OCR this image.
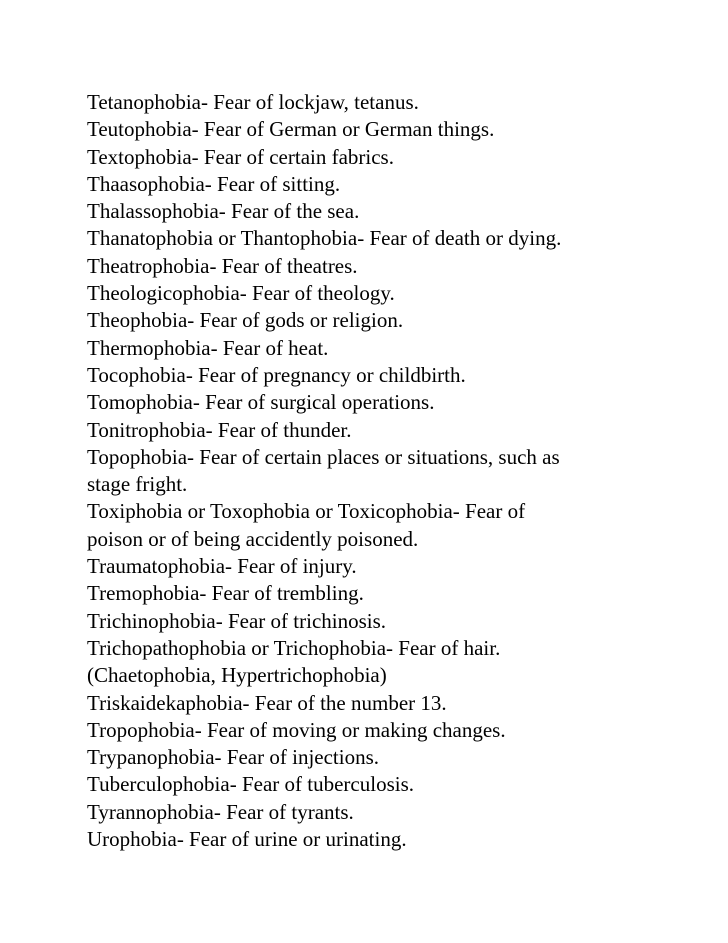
Tetanophobia- Fear of lockjaw, tetanus.
Teutophobia- Fear of German or German things.
Textophobia- Fear of certain fabrics.
Thaasophobia- Fear of sitting.
Thalassophobia- Fear of the sea.
Thanatophobia or Thantophobia- Fear of death or dying.
Theatrophobia- Fear of theatres.
Theologicophobia- Fear of theology.
Theophobia- Fear of gods or religion.
Thermophobia- Fear of heat.
Tocophobia- Fear of pregnancy or childbirth.
Tomophobia- Fear of surgical operations.
Tonitrophobia- Fear of thunder.
Topophobia- Fear of certain places or situations, such as
stage fright.
Toxiphobia or Toxophobia or Toxicophobia- Fear of
poison or of being accidently poisoned.
Traumatophobia- Fear of injury.
Tremophobia- Fear of trembling.
Trichinophobia- Fear of trichinosis.
Trichopathophobia or Trichophobia- Fear of hair.
(Chaetophobia, Hypertrichophobia)
Triskaidekaphobia- Fear of the number 13.
Tropophobia- Fear of moving or making changes.
Trypanophobia- Fear of injections.
Tuberculophobia- Fear of tuberculosis.
Tyrannophobia- Fear of tyrants.
Urophobia- Fear of urine or urinating.
